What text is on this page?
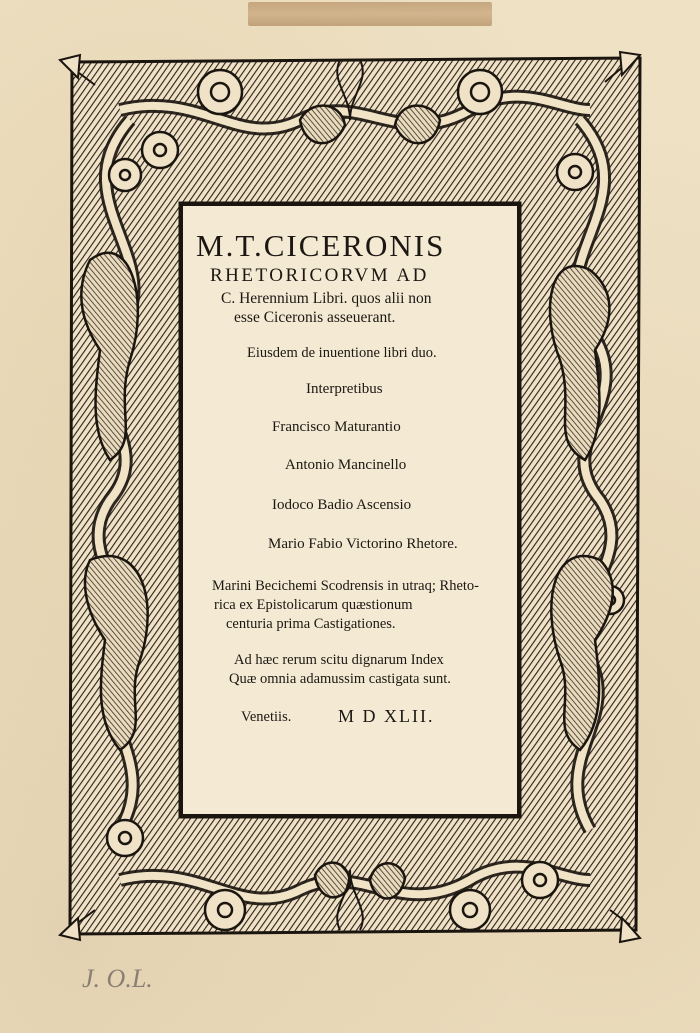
M.T.CICERONIS
RHETORICORVM AD
C. Herennium Libri. quos alii non
esse Ciceronis asseuerant.
Eiusdem de inuentione libri duo.
Interpretibus
Francisco Maturantio
Antonio Mancinello
Iodoco Badio Ascensio
Mario Fabio Victorino Rhetore.
Marini Becichemi Scodrensis in utraq; Rheto-
rica ex Epistolicarum quæstionum
centuria prima Castigationes.
Ad hæc rerum scitu dignarum Index
Quæ omnia adamussim castigata sunt.
Venetiis.	M D XLII.
J. O.L.
